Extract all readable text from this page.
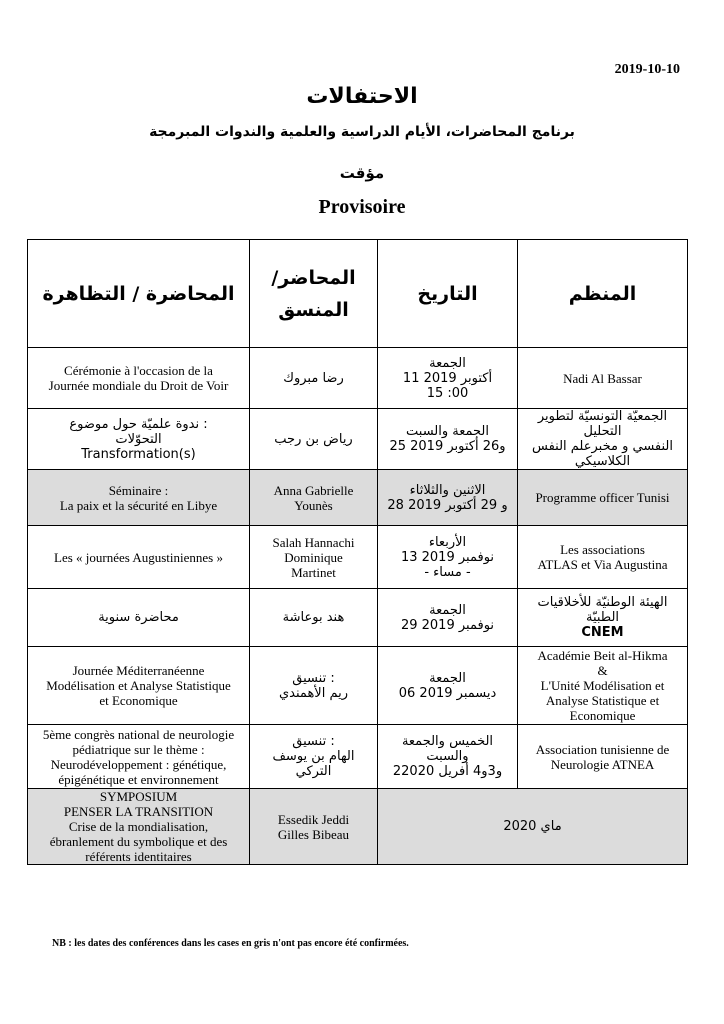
2019-10-10
الاحتفالات
برنامج المحاضرات، الأيام الدراسية والعلمية والندوات المبرمجة
مؤقت
Provisoire
المحاضرة / التظاهرة	المحاضر/ المنسق	التاريخ	المنظم

Cérémonie à l'occasion de la
Journée mondiale du Droit de Voir	رضا مبروك	الجمعة
11 أكتوبر 2019
15 :00	Nadi Al Bassar

ندوة علميّة حول موضوع :
التحوّلات
Transformation(s)	رياض بن رجب	الجمعة والسبت
25 و26 أكتوبر 2019	الجمعيّة التونسيّة لتطوير التحليل
النفسي و مخبرعلم النفس الكلاسيكي

Séminaire :
La paix et la sécurité en Libye	Anna Gabrielle
Younès	الاثنين والثلاثاء
28 و 29 أكتوبر 2019	Programme officer Tunisi

Les « journées Augustiniennes »	Salah Hannachi
Dominique
Martinet	الأربعاء
13 نوفمبر 2019
- مساء -	Les associations
ATLAS et Via Augustina

محاضرة سنوية	هند بوعاشة	الجمعة
29 نوفمبر 2019	الهيئة الوطنيّة للأخلاقيات
الطبيّة
CNEM

Journée Méditerranéenne
Modélisation et Analyse Statistique
et Economique	تنسيق :
ريم الأهمندي	الجمعة
06 ديسمبر 2019	Académie Beit al-Hikma
&
L'Unité Modélisation et
Analyse Statistique et
Economique

5ème congrès national de neurologie
pédiatrique sur le thème :
Neurodéveloppement : génétique,
épigénétique et environnement	تنسيق :
الهام بن يوسف التركي	الخميس والجمعة والسبت
2و3و4 أفريل 2020	Association tunisienne de
Neurologie ATNEA

SYMPOSIUM
PENSER LA TRANSITION
Crise de la mondialisation,
ébranlement du symbolique et des
référents identitaires	Essedik Jeddi
Gilles Bibeau	ماي 2020	
NB : les dates des conférences dans les cases en gris n'ont pas encore été confirmées.
